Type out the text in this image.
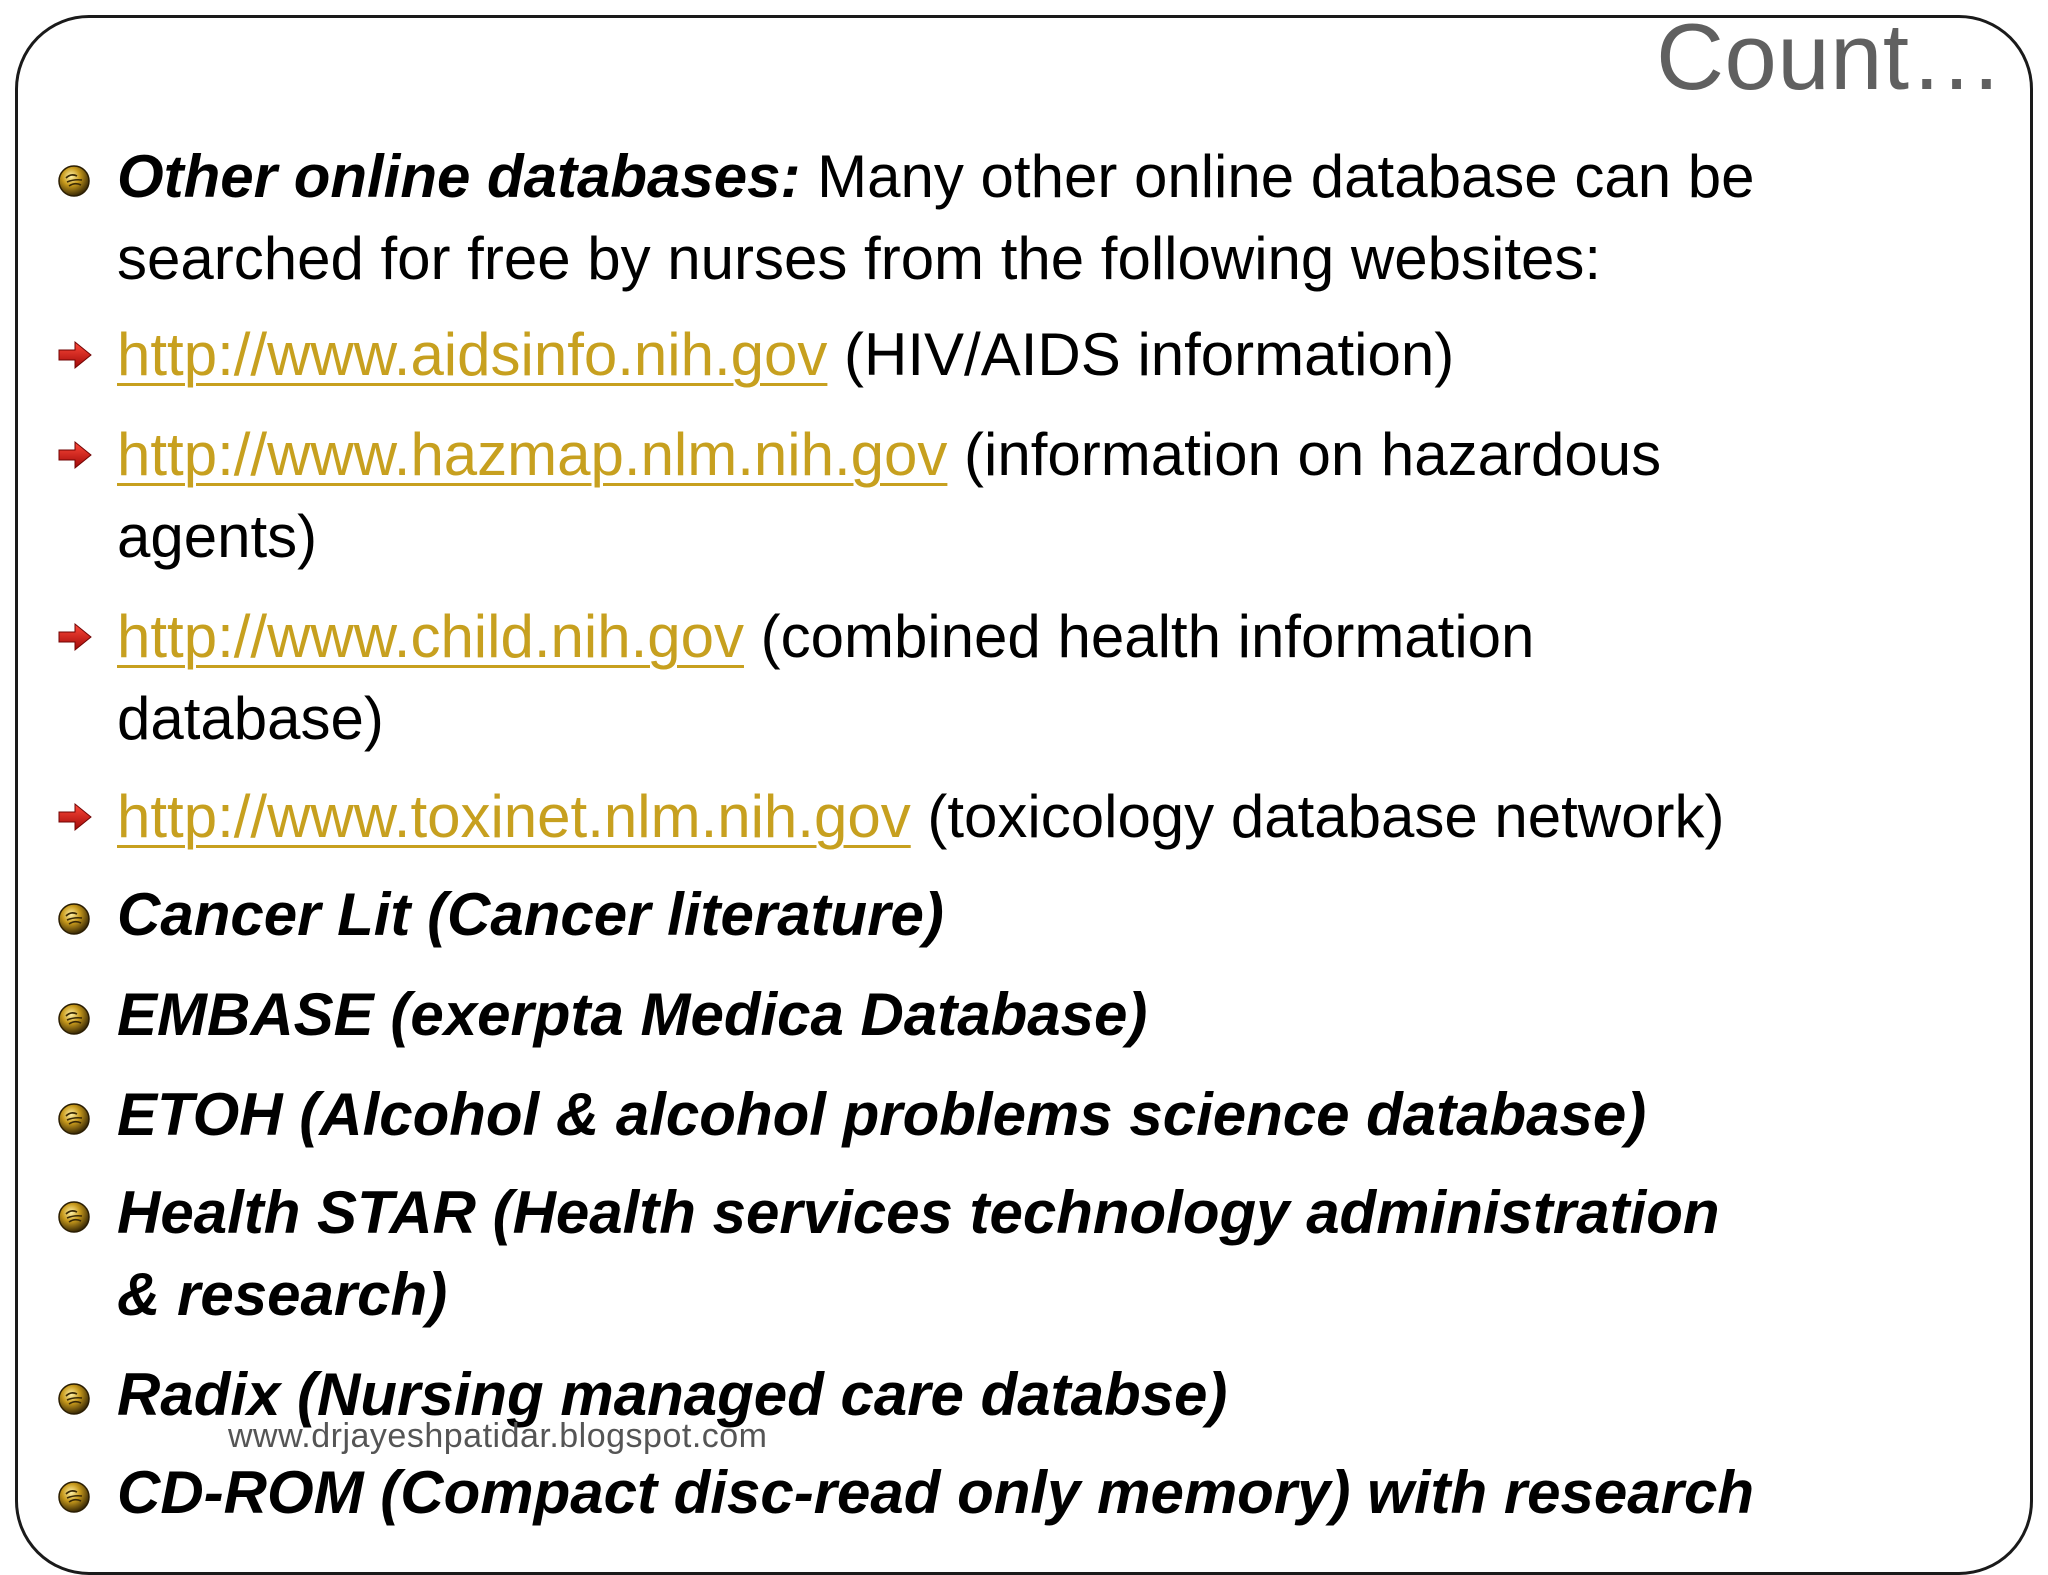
Count…
Other online databases: Many other online database can be
searched for free by nurses from the following websites:
http://www.aidsinfo.nih.gov (HIV/AIDS information)
http://www.hazmap.nlm.nih.gov (information on hazardous
agents)
http://www.child.nih.gov (combined health information
database)
http://www.toxinet.nlm.nih.gov (toxicology database network)
Cancer Lit (Cancer literature)
EMBASE (exerpta Medica Database)
ETOH (Alcohol & alcohol problems science database)
Health STAR (Health services technology administration
& research)
Radix (Nursing managed care databse)
CD-ROM (Compact disc-read only memory) with research
www.drjayeshpatidar.blogspot.com
